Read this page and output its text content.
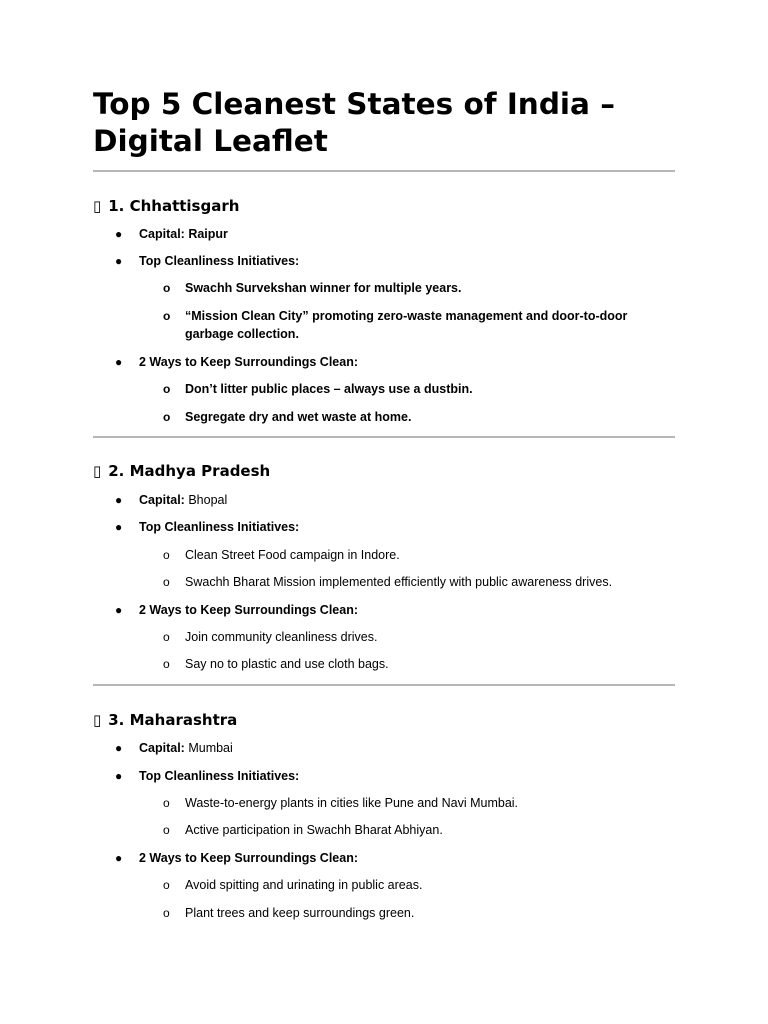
Top 5 Cleanest States of India –
Digital Leaflet
▯ 1. Chhattisgarh
● Capital: Raipur
● Top Cleanliness Initiatives:
o Swachh Survekshan winner for multiple years.
o “Mission Clean City” promoting zero-waste management and door-to-door
garbage collection.
● 2 Ways to Keep Surroundings Clean:
o Don’t litter public places – always use a dustbin.
o Segregate dry and wet waste at home.
▯ 2. Madhya Pradesh
● Capital: Bhopal
● Top Cleanliness Initiatives:
o Clean Street Food campaign in Indore.
o Swachh Bharat Mission implemented efficiently with public awareness drives.
● 2 Ways to Keep Surroundings Clean:
o Join community cleanliness drives.
o Say no to plastic and use cloth bags.
▯ 3. Maharashtra
● Capital: Mumbai
● Top Cleanliness Initiatives:
o Waste-to-energy plants in cities like Pune and Navi Mumbai.
o Active participation in Swachh Bharat Abhiyan.
● 2 Ways to Keep Surroundings Clean:
o Avoid spitting and urinating in public areas.
o Plant trees and keep surroundings green.
